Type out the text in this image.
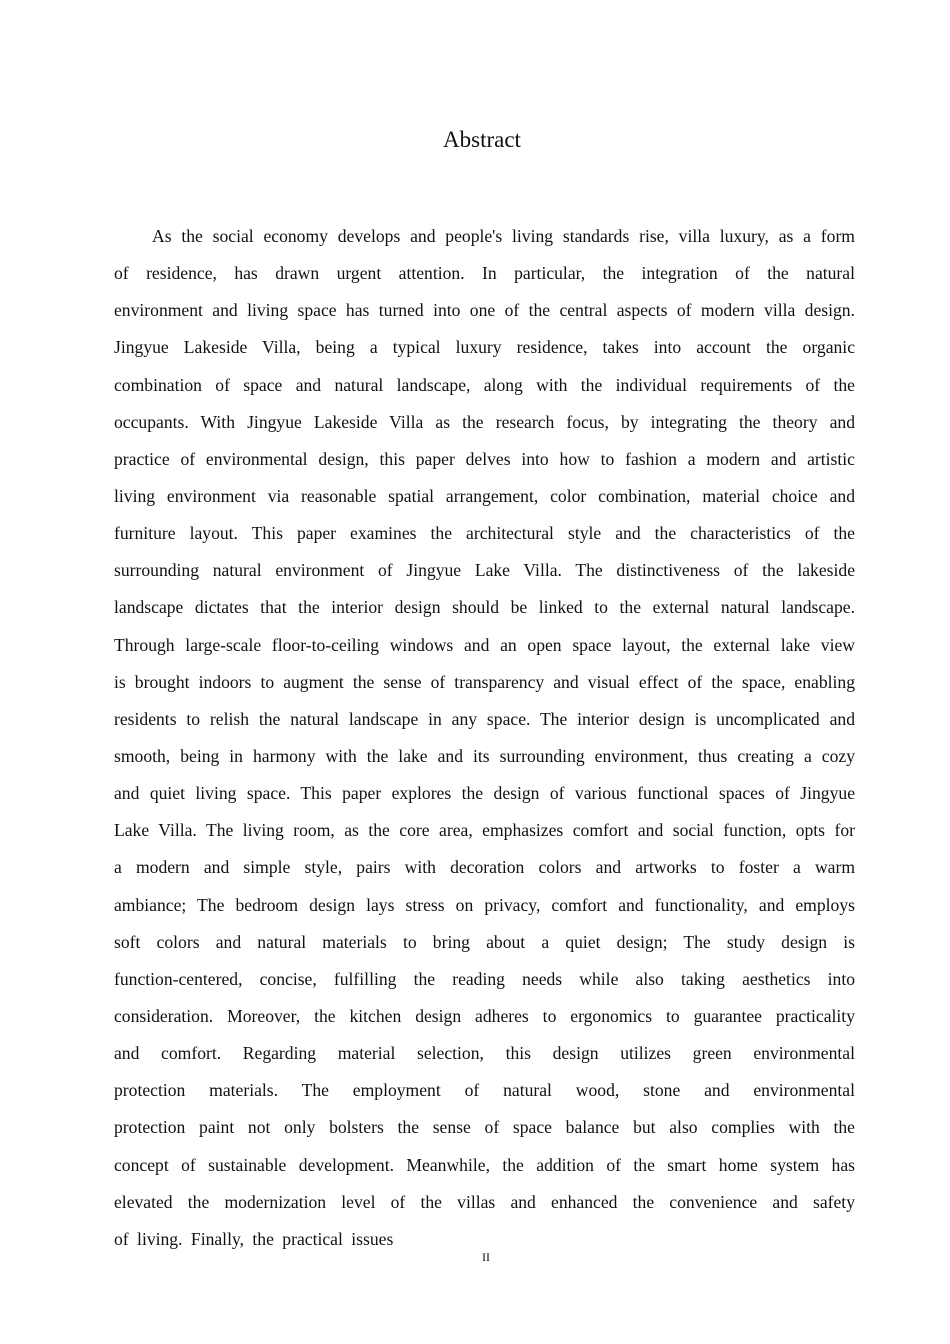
Abstract
As the social economy develops and people's living standards rise, villa luxury, as a form
of residence, has drawn urgent attention. In particular, the integration of the natural
environment and living space has turned into one of the central aspects of modern villa design.
Jingyue Lakeside Villa, being a typical luxury residence, takes into account the organic
combination of space and natural landscape, along with the individual requirements of the
occupants. With Jingyue Lakeside Villa as the research focus, by integrating the theory and
practice of environmental design, this paper delves into how to fashion a modern and artistic
living environment via reasonable spatial arrangement, color combination, material choice and
furniture layout. This paper examines the architectural style and the characteristics of the
surrounding natural environment of Jingyue Lake Villa. The distinctiveness of the lakeside
landscape dictates that the interior design should be linked to the external natural landscape.
Through large-scale floor-to-ceiling windows and an open space layout, the external lake view
is brought indoors to augment the sense of transparency and visual effect of the space, enabling
residents to relish the natural landscape in any space. The interior design is uncomplicated and
smooth, being in harmony with the lake and its surrounding environment, thus creating a cozy
and quiet living space. This paper explores the design of various functional spaces of Jingyue
Lake Villa. The living room, as the core area, emphasizes comfort and social function, opts for
a modern and simple style, pairs with decoration colors and artworks to foster a warm
ambiance; The bedroom design lays stress on privacy, comfort and functionality, and employs
soft colors and natural materials to bring about a quiet design; The study design is
function-centered, concise, fulfilling the reading needs while also taking aesthetics into
consideration. Moreover, the kitchen design adheres to ergonomics to guarantee practicality
and comfort. Regarding material selection, this design utilizes green environmental
protection materials. The employment of natural wood, stone and environmental
protection paint not only bolsters the sense of space balance but also complies with the
concept of sustainable development. Meanwhile, the addition of the smart home system has
elevated the modernization level of the villas and enhanced the convenience and safety
of living. Finally, the practical issues
II
